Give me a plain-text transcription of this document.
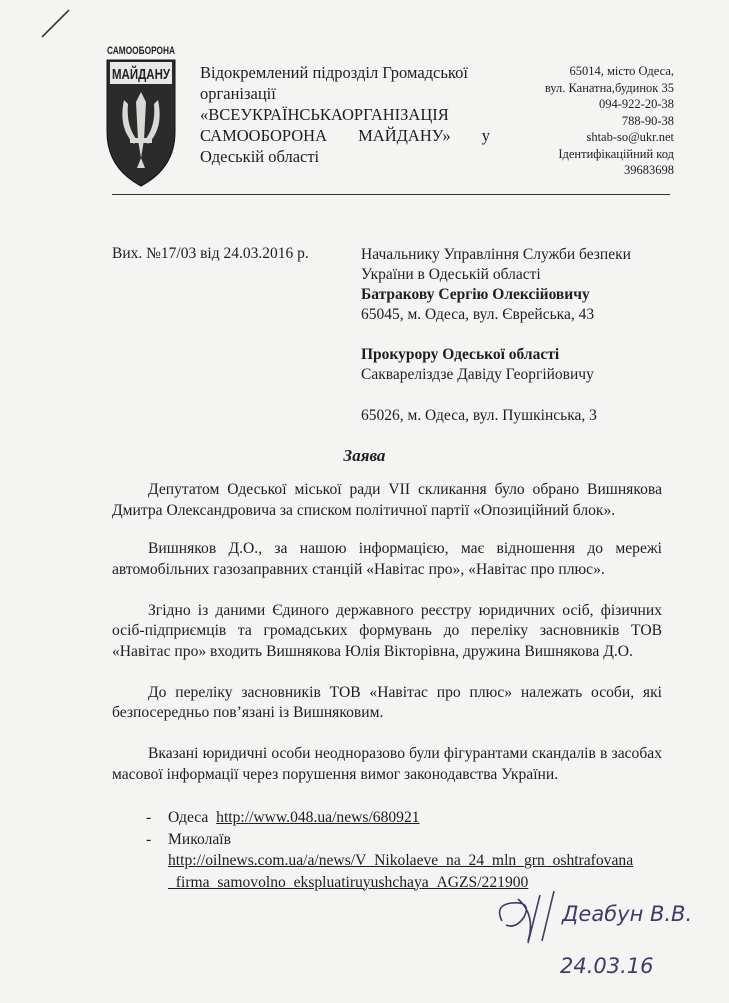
САМООБОРОНА
МАЙДАНУ Відокремлений підрозділ Громадської
організації
«ВСЕУКРАЇНСЬКАОРГАНІЗАЦІЯ
САМООБОРОНА МАЙДАНУ» у
Одеській області
65014, місто Одеса,
вул. Канатна,будинок 35
094-922-20-38
788-90-38
shtab-so@ukr.net
Ідентифікаційний код
39683698
Вих. №17/03 від 24.03.2016 р.	Начальнику Управління Служби безпеки
України в Одеській області
Батракову Сергію Олексійовичу
65045, м. Одеса, вул. Єврейська, 43
Прокурору Одеської області
Саквареліздзе Давіду Георгійовичу
65026, м. Одеса, вул. Пушкінська, 3
Заява

Депутатом Одеської міської ради VII скликання було обрано Вишнякова Дмитра Олександровича за списком політичної партії «Опозиційний блок».

Вишняков Д.О., за нашою інформацією, має відношення до мережі автомобільних газозаправних станцій «Навітас про», «Навітас про плюс».

Згідно із даними Єдиного державного реєстру юридичних осіб, фізичних осіб-підприємців та громадських формувань до переліку засновників ТОВ «Навітас про» входить Вишнякова Юлія Вікторівна, дружина Вишнякова Д.О.

До переліку засновників ТОВ «Навітас про плюс» належать особи, які безпосередньо пов’язані із Вишняковим.

Вказані юридичні особи неодноразово були фігурантами скандалів в засобах масової інформації через порушення вимог законодавства України.

- Одеса http://www.048.ua/news/680921
- Миколаїв
http://oilnews.com.ua/a/news/V_Nikolaeve_na_24_mln_grn_oshtrafovana
_firma_samovolno_ekspluatiruyushchaya_AGZS/221900
Деабун В.В.
24.03.16
